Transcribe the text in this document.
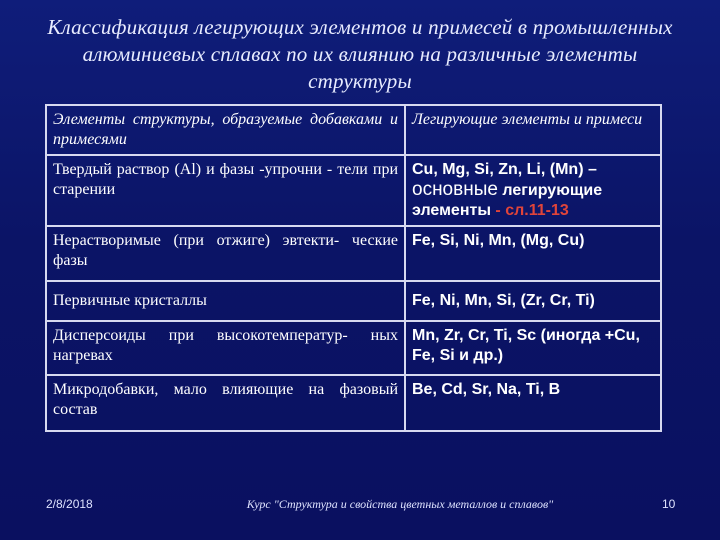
Классификация легирующих элементов и примесей в промышленных алюминиевых сплавах по их влиянию на различные элементы структуры
Элементы структуры, образуемые добавками и примесями	Легирующие элементы и примеси
Твердый раствор (Al) и фазы -упрочни - тели при старении	Cu, Mg, Si, Zn, Li, (Mn) –
основные легирующие элементы - сл.11-13
Нерастворимые (при отжиге) эвтекти- ческие фазы	Fe, Si, Ni, Mn, (Mg, Cu)
Первичные кристаллы	Fe, Ni, Mn, Si, (Zr, Cr, Ti)
Дисперсоиды при высокотемператур- ных нагревах	Mn, Zr, Cr, Ti, Sc (иногда +Cu, Fe, Si и др.)
Микродобавки, мало влияющие на фазовый состав	Be, Cd, Sr, Na, Ti, B
2/8/2018	Курс "Структура и свойства цветных металлов и сплавов"	10
